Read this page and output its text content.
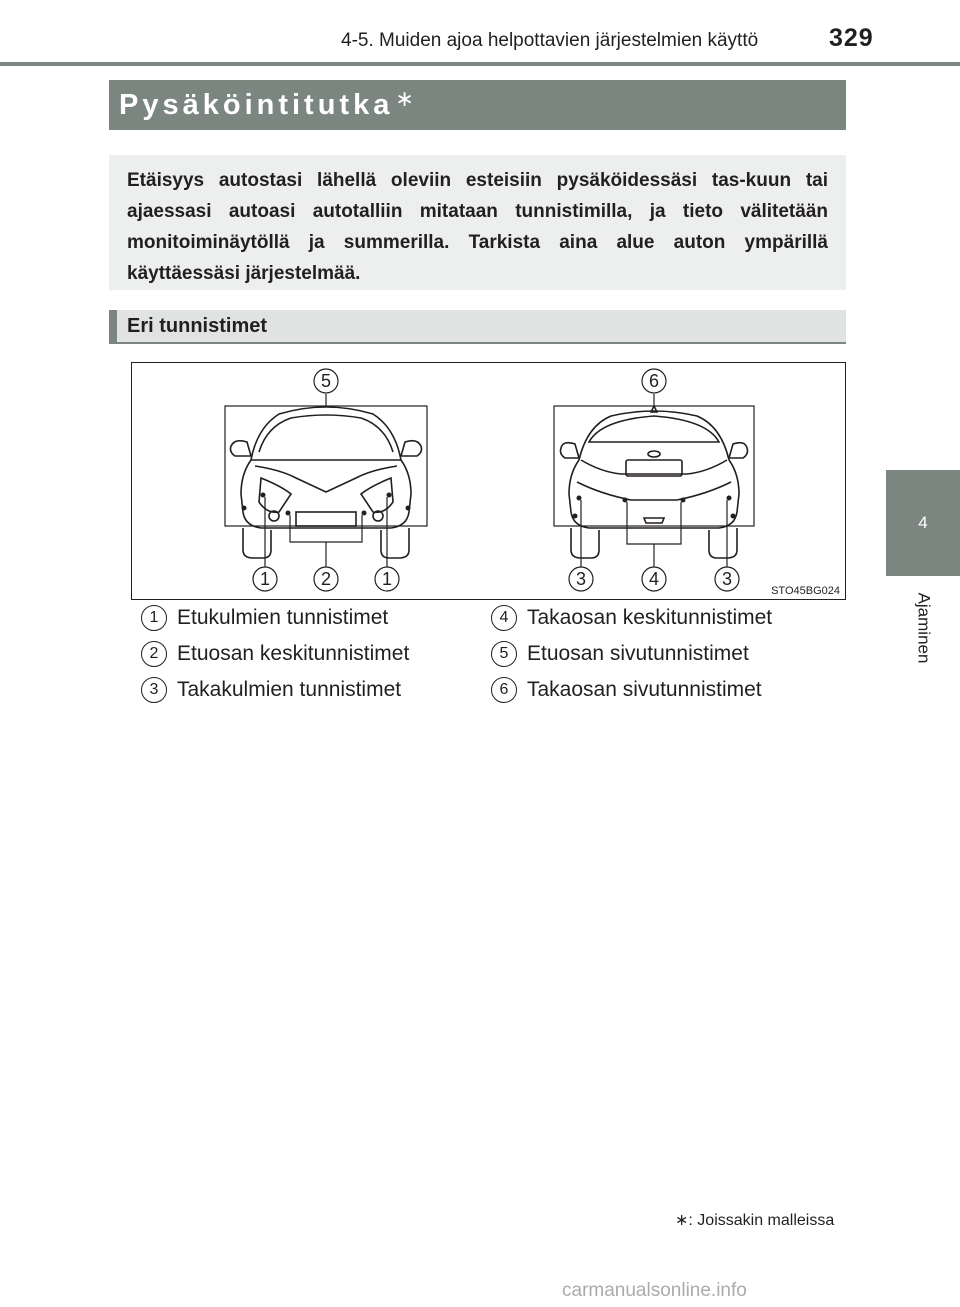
4-5. Muiden ajoa helpottavien järjestelmien käyttö	329
4
Ajaminen
Pysäköintitutka∗
Etäisyys autostasi lähellä oleviin esteisiin pysäköidessäsi tas-kuun tai ajaessasi autoasi autotalliin mitataan tunnistimilla, ja tieto välitetään monitoiminäytöllä ja summerilla. Tarkista aina alue auton ympärillä käyttäessäsi järjestelmää.
Eri tunnistimet
5	6
1	2	1	3	4	3
STO45BG024
1 Etukulmien tunnistimet
2 Etuosan keskitunnistimet
3 Takakulmien tunnistimet
4 Takaosan keskitunnistimet
5 Etuosan sivutunnistimet
6 Takaosan sivutunnistimet
∗: Joissakin malleissa
carmanualsonline.info
